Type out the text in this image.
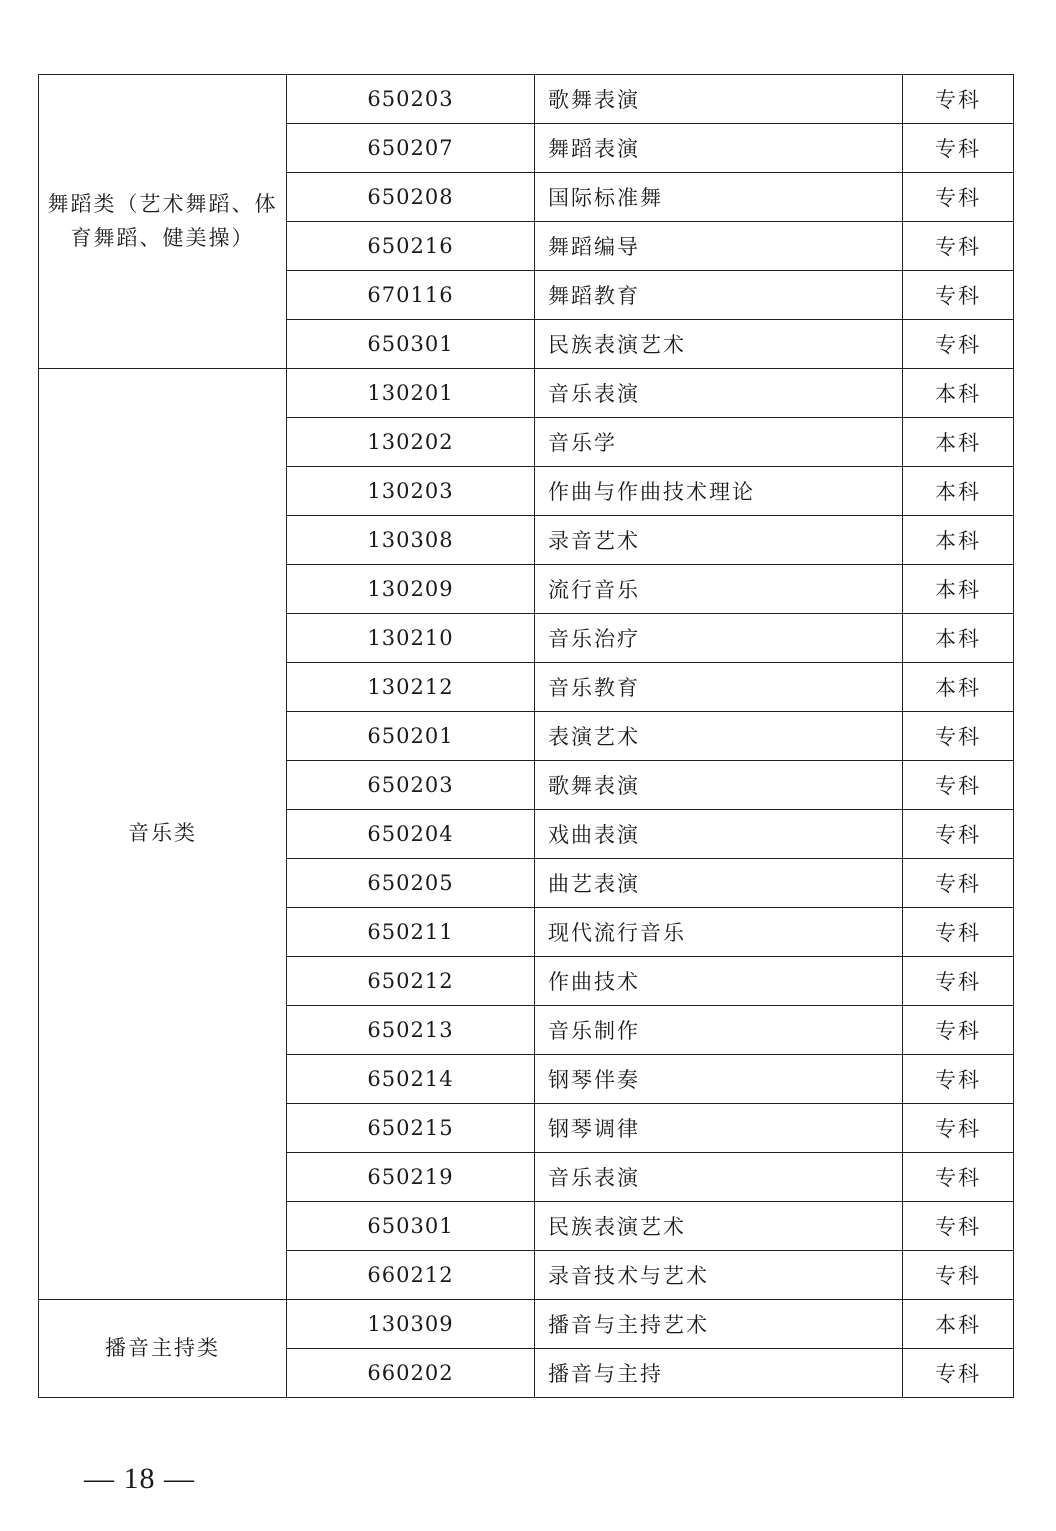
舞蹈类（艺术舞蹈、体育舞蹈、健美操）	650203	歌舞表演	专科
	650207	舞蹈表演	专科
	650208	国际标准舞	专科
	650216	舞蹈编导	专科
	670116	舞蹈教育	专科
	650301	民族表演艺术	专科
音乐类	130201	音乐表演	本科
	130202	音乐学	本科
	130203	作曲与作曲技术理论	本科
	130308	录音艺术	本科
	130209	流行音乐	本科
	130210	音乐治疗	本科
	130212	音乐教育	本科
	650201	表演艺术	专科
	650203	歌舞表演	专科
	650204	戏曲表演	专科
	650205	曲艺表演	专科
	650211	现代流行音乐	专科
	650212	作曲技术	专科
	650213	音乐制作	专科
	650214	钢琴伴奏	专科
	650215	钢琴调律	专科
	650219	音乐表演	专科
	650301	民族表演艺术	专科
	660212	录音技术与艺术	专科
播音主持类	130309	播音与主持艺术	本科
	660202	播音与主持	专科
— 18 —
